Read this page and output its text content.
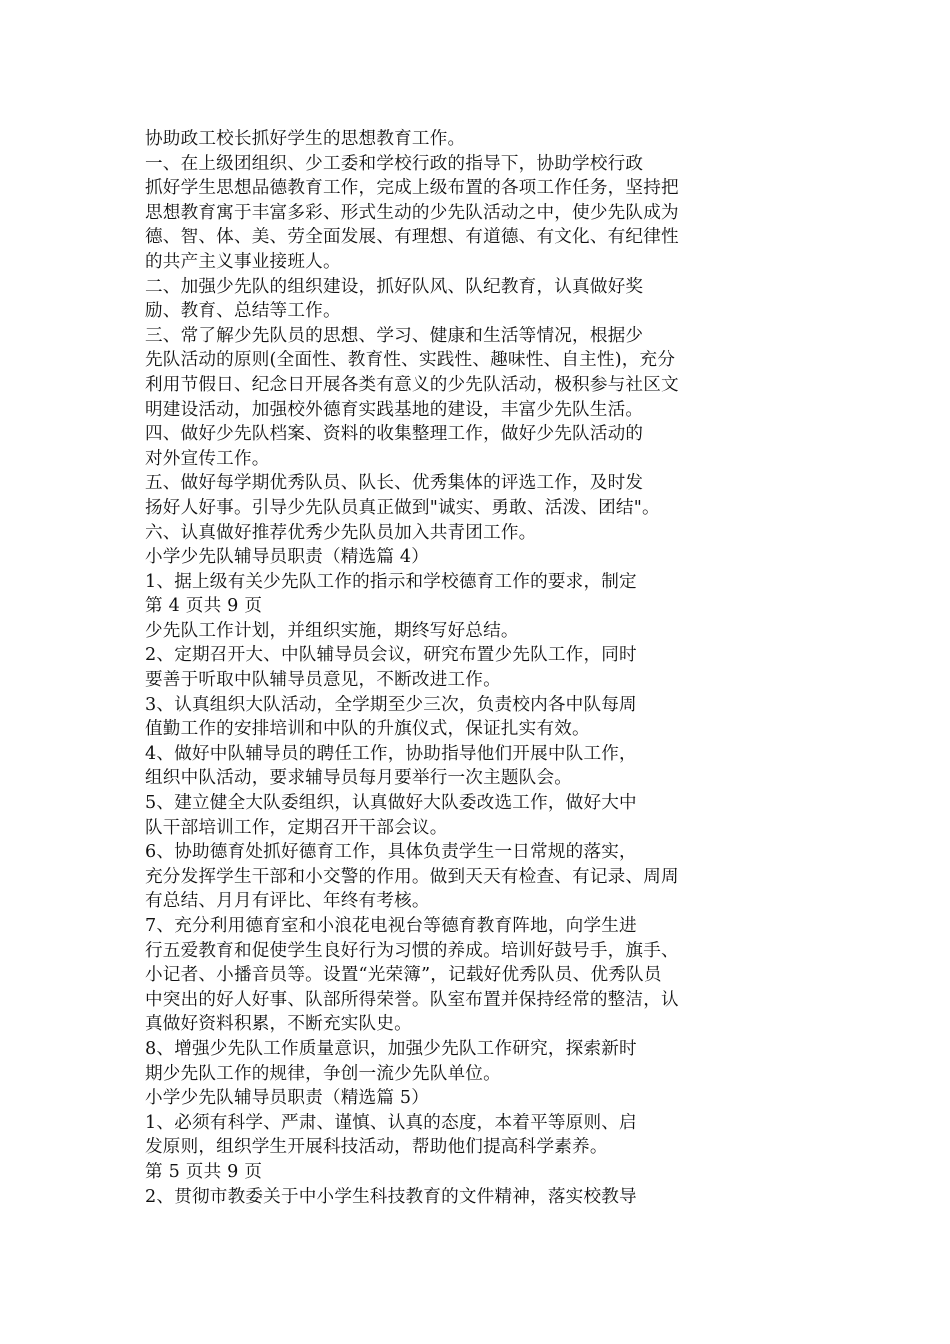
协助政工校长抓好学生的思想教育工作。
一、在上级团组织、少工委和学校行政的指导下，协助学校行政
抓好学生思想品德教育工作，完成上级布置的各项工作任务，坚持把
思想教育寓于丰富多彩、形式生动的少先队活动之中，使少先队成为
德、智、体、美、劳全面发展、有理想、有道德、有文化、有纪律性
的共产主义事业接班人。
二、加强少先队的组织建设，抓好队风、队纪教育，认真做好奖
励、教育、总结等工作。
三、常了解少先队员的思想、学习、健康和生活等情况，根据少
先队活动的原则(全面性、教育性、实践性、趣味性、自主性)，充分
利用节假日、纪念日开展各类有意义的少先队活动，极积参与社区文
明建设活动，加强校外德育实践基地的建设，丰富少先队生活。
四、做好少先队档案、资料的收集整理工作，做好少先队活动的
对外宣传工作。
五、做好每学期优秀队员、队长、优秀集体的评选工作，及时发
扬好人好事。引导少先队员真正做到"诚实、勇敢、活泼、团结"。
六、认真做好推荐优秀少先队员加入共青团工作。
小学少先队辅导员职责（精选篇 4）
1、据上级有关少先队工作的指示和学校德育工作的要求，制定
第 4 页共 9 页
少先队工作计划，并组织实施，期终写好总结。
2、定期召开大、中队辅导员会议，研究布置少先队工作，同时
要善于听取中队辅导员意见，不断改进工作。
3、认真组织大队活动，全学期至少三次，负责校内各中队每周
值勤工作的安排培训和中队的升旗仪式，保证扎实有效。
4、做好中队辅导员的聘任工作，协助指导他们开展中队工作，
组织中队活动，要求辅导员每月要举行一次主题队会。
5、建立健全大队委组织，认真做好大队委改选工作，做好大中
队干部培训工作，定期召开干部会议。
6、协助德育处抓好德育工作，具体负责学生一日常规的落实，
充分发挥学生干部和小交警的作用。做到天天有检查、有记录、周周
有总结、月月有评比、年终有考核。
7、充分利用德育室和小浪花电视台等德育教育阵地，向学生进
行五爱教育和促使学生良好行为习惯的养成。培训好鼓号手，旗手、
小记者、小播音员等。设置“光荣簿”，记载好优秀队员、优秀队员
中突出的好人好事、队部所得荣誉。队室布置并保持经常的整洁，认
真做好资料积累，不断充实队史。
8、增强少先队工作质量意识，加强少先队工作研究，探索新时
期少先队工作的规律，争创一流少先队单位。
小学少先队辅导员职责（精选篇 5）
1、必须有科学、严肃、谨慎、认真的态度，本着平等原则、启
发原则，组织学生开展科技活动，帮助他们提高科学素养。
第 5 页共 9 页
2、贯彻市教委关于中小学生科技教育的文件精神，落实校教导
